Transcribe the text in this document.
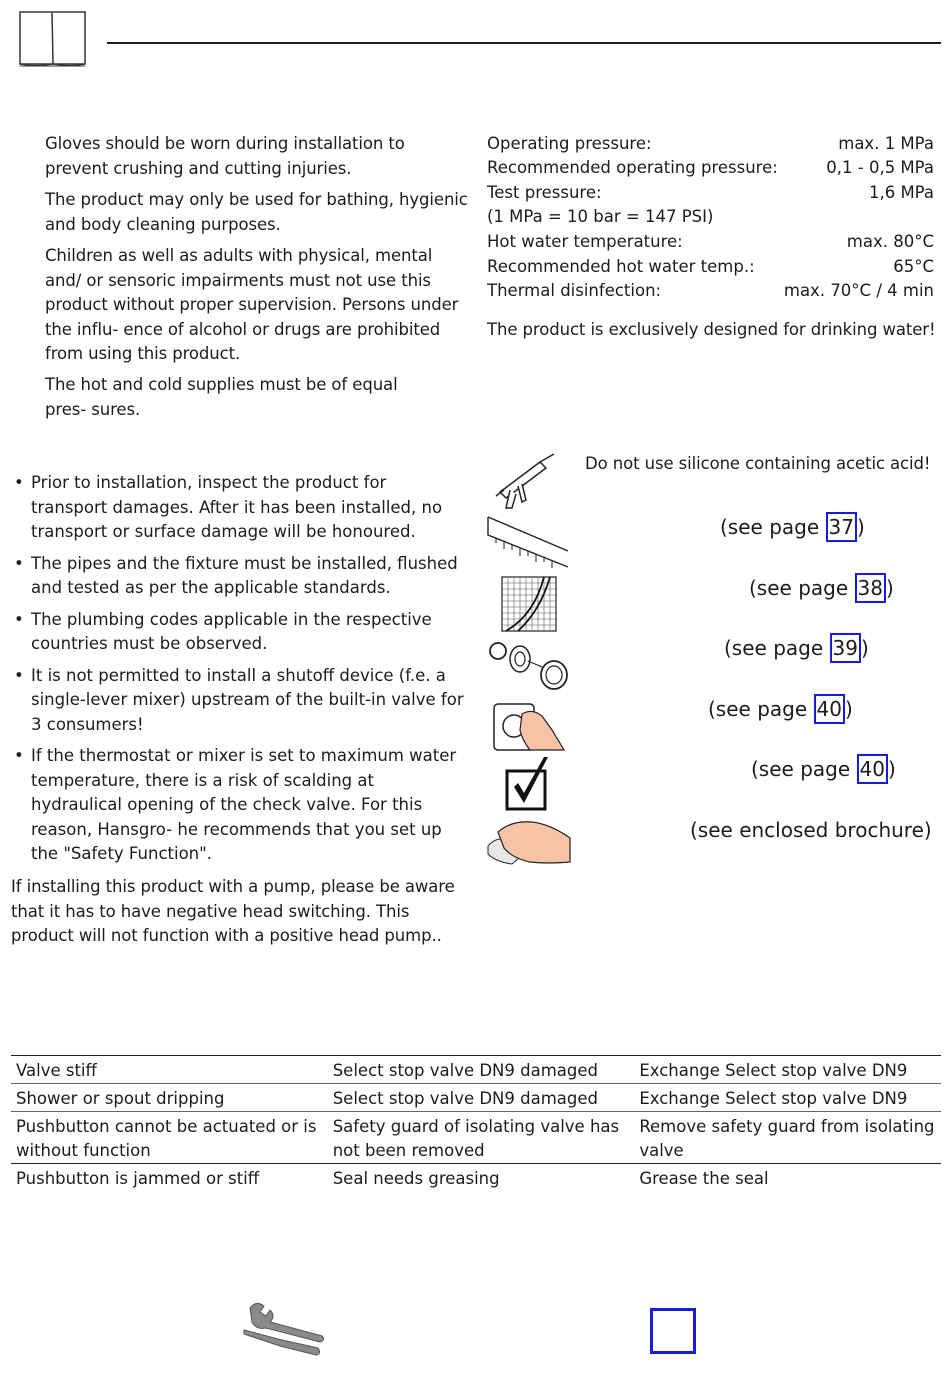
Gloves should be worn during installation to prevent crushing and cutting injuries.
The product may only be used for bathing, hygienic and body cleaning purposes.
Children as well as adults with physical, mental and/ or sensoric impairments must not use this product without proper supervision. Persons under the influ- ence of alcohol or drugs are prohibited from using this product.
The hot and cold supplies must be of equal pres- sures.
Operating pressure:	max. 1 MPa
Recommended operating pressure:	0,1 - 0,5 MPa
Test pressure:	1,6 MPa
(1 MPa = 10 bar = 147 PSI)
Hot water temperature:	max. 80°C
Recommended hot water temp.:	65°C
Thermal disinfection:	max. 70°C / 4 min
The product is exclusively designed for drinking water!
• Prior to installation, inspect the product for transport damages. After it has been installed, no transport or surface damage will be honoured.
• The pipes and the fixture must be installed, flushed and tested as per the applicable standards.
• The plumbing codes applicable in the respective countries must be observed.
• It is not permitted to install a shutoff device (f.e. a single-lever mixer) upstream of the built-in valve for 3 consumers!
• If the thermostat or mixer is set to maximum water temperature, there is a risk of scalding at hydraulical opening of the check valve. For this reason, Hansgro- he recommends that you set up the "Safety Function".
If installing this product with a pump, please be aware that it has to have negative head switching. This product will not function with a positive head pump..
Do not use silicone containing acetic acid!
(see page 37 )
(see page 38 )
(see page 39 )
(see page 40 )
(see page 40 )
(see enclosed brochure)
Valve stiff	Select stop valve DN9 damaged	Exchange Select stop valve DN9
Shower or spout dripping	Select stop valve DN9 damaged	Exchange Select stop valve DN9
Pushbutton cannot be actuated or is without function	Safety guard of isolating valve has not been removed	Remove safety guard from isolating valve
Pushbutton is jammed or stiff	Seal needs greasing	Grease the seal
